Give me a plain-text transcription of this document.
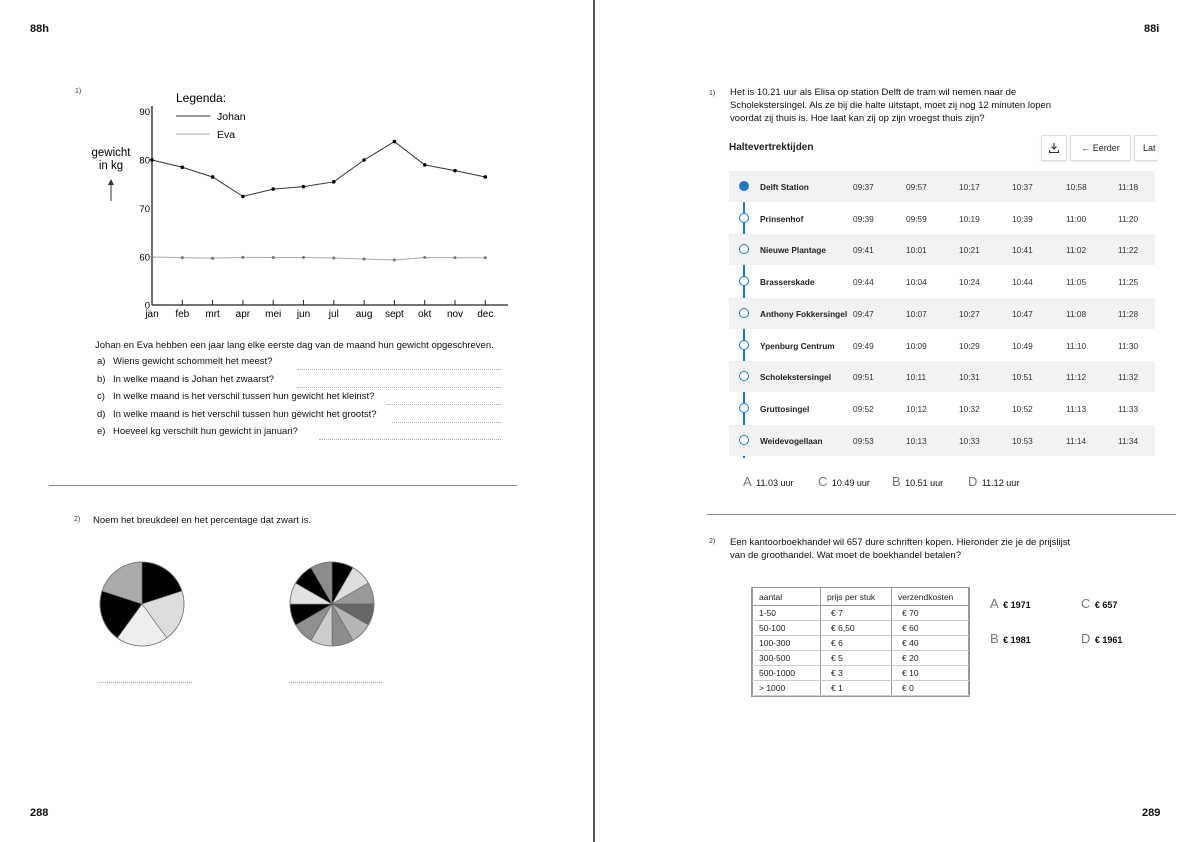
88h
288
1)
0
60
70
80
90
jan feb mrt apr mei jun jul aug sept okt nov dec
Legenda:
Johan
Eva
gewicht
in kg
Johan en Eva hebben een jaar lang elke eerste dag van de maand hun gewicht opgeschreven.
a) Wiens gewicht schommelt het meest?
b) In welke maand is Johan het zwaarst?
c) In welke maand is het verschil tussen hun gewicht het kleinst?
d) In welke maand is het verschil tussen hun gewicht het grootst?
e) Hoeveel kg verschilt hun gewicht in januari?
2) Noem het breukdeel en het percentage dat zwart is.
88i
289
1) Het is 10.21 uur als Elisa op station Delft de tram wil nemen naar de
Scholekstersingel. Als ze bij die halte uitstapt, moet zij nog 12 minuten lopen
voordat zij thuis is. Hoe laat kan zij op zijn vroegst thuis zijn?
Haltevertrektijden	← Eerder	Lat
Delft Station	09:37	09:57	10:17	10:37	10:58	11:18
Prinsenhof	09:39	09:59	10:19	10:39	11:00	11:20
Nieuwe Plantage	09:41	10:01	10:21	10:41	11:02	11:22
Brasserskade	09:44	10:04	10:24	10:44	11:05	11:25
Anthony Fokkersingel 09:47	10:07	10:27	10:47	11:08	11:28
Ypenburg Centrum 09:49	10:09	10:29	10:49	11:10	11:30
Scholekstersingel	09:51	10:11	10:31	10:51	11:12	11:32
Gruttosingel	09:52	10:12	10:32	10:52	11:13	11:33
Weidevogellaan	09:53	10:13	10:33	10:53	11:14	11:34
A 11.03 uur C 10.49 uur B 10.51 uur D 11.12 uur
2) Een kantoorboekhandel wil 657 dure schriften kopen. Hieronder zie je de prijslijst
van de groothandel. Wat moet de boekhandel betalen?
aantal	prijs per stuk	verzendkosten
1-50	€ 7	€ 70
50-100	€ 6,50	€ 60
100-300	€ 6	€ 40
300-500	€ 5	€ 20
500-1000	€ 3	€ 10
> 1000	€ 1	€ 0
A € 1971	C € 657
B € 1981	D € 1961
